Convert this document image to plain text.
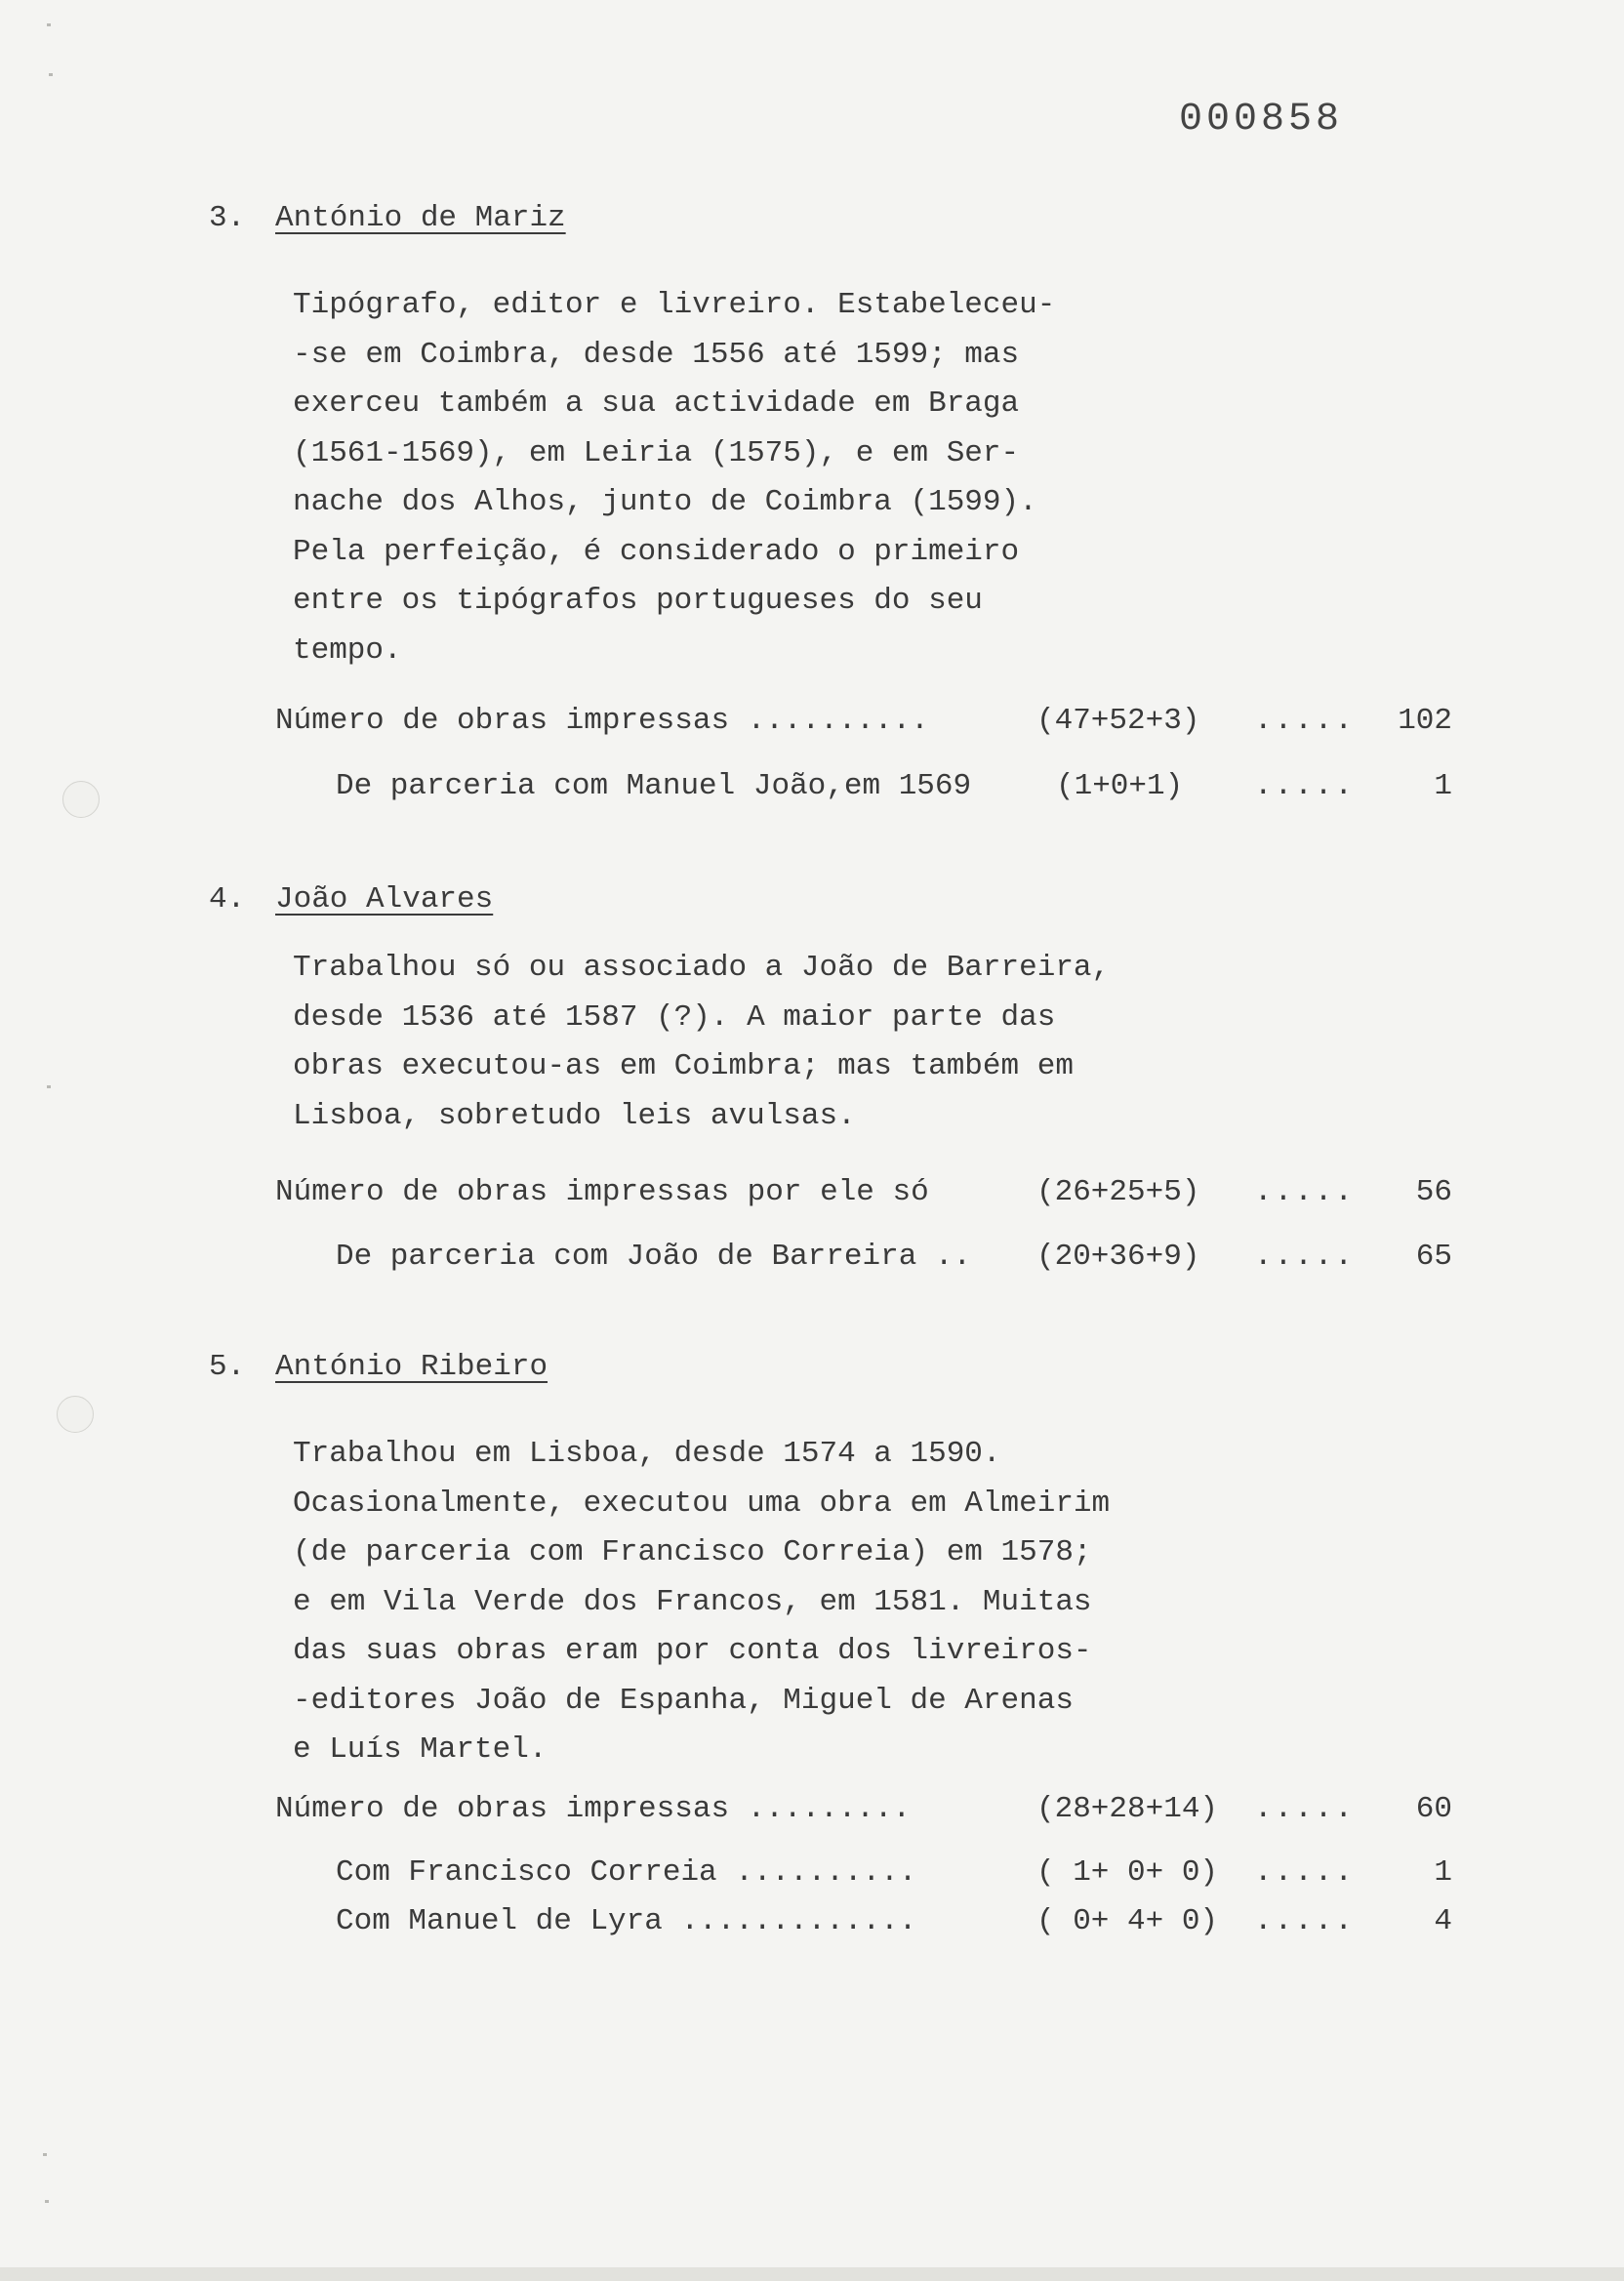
000858
3. António de Mariz
Tipógrafo, editor e livreiro. Estabeleceu-
-se em Coimbra, desde 1556 até 1599; mas
exerceu também a sua actividade em Braga
(1561-1569), em Leiria (1575), e em Ser-
nache dos Alhos, junto de Coimbra (1599).
Pela perfeição, é considerado o primeiro
entre os tipógrafos portugueses do seu
tempo.
Número de obras impressas ..........	(47+52+3) ..... 102
De parceria com Manuel João,em 1569	(1+0+1) .....	1
4. João Alvares
Trabalhou só ou associado a João de Barreira,
desde 1536 até 1587 (?). A maior parte das
obras executou-as em Coimbra; mas também em
Lisboa, sobretudo leis avulsas.
Número de obras impressas por ele só	(26+25+5) ..... 56
De parceria com João de Barreira .. (20+36+9) ..... 65
5. António Ribeiro
Trabalhou em Lisboa, desde 1574 a 1590.
Ocasionalmente, executou uma obra em Almeirim
(de parceria com Francisco Correia) em 1578;
e em Vila Verde dos Francos, em 1581. Muitas
das suas obras eram por conta dos livreiros-
-editores João de Espanha, Miguel de Arenas
e Luís Martel.
Número de obras impressas .........	(28+28+14) ..... 60
Com Francisco Correia ..........	( 1+ 0+ 0) .....	1
Com Manuel de Lyra .............	( 0+ 4+ 0) .....	4
